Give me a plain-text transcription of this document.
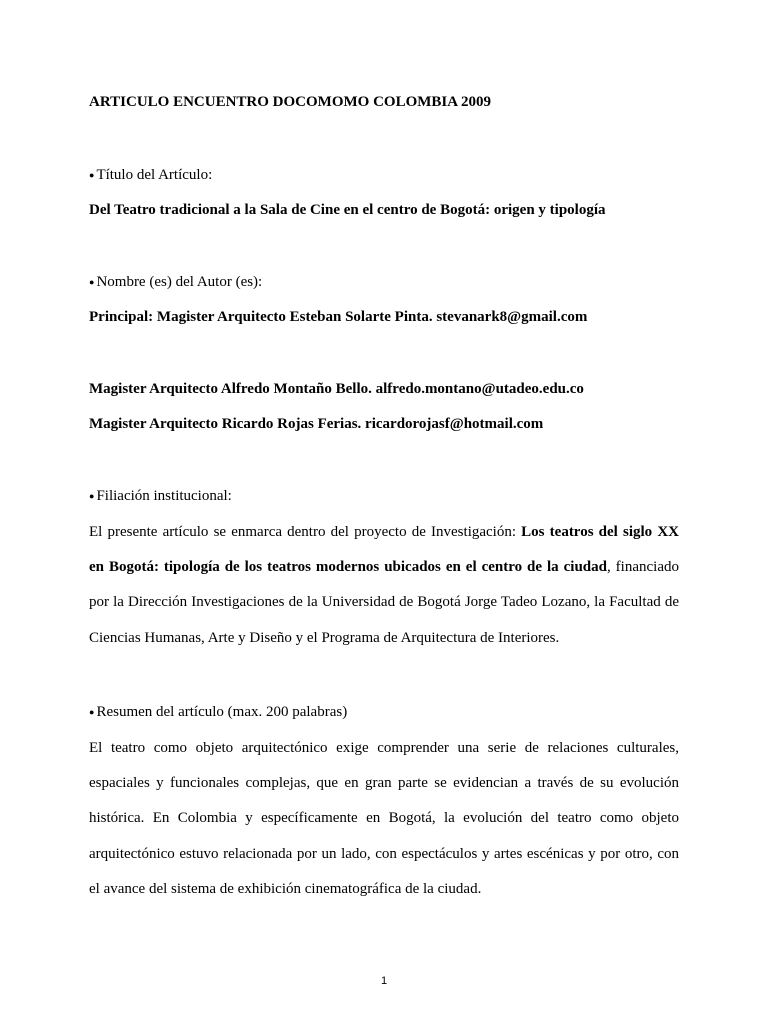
ARTICULO ENCUENTRO DOCOMOMO COLOMBIA 2009
● Título del Artículo:
Del Teatro tradicional a la Sala de Cine en el centro de Bogotá: origen y tipología
● Nombre (es) del Autor (es):
Principal: Magister Arquitecto Esteban Solarte Pinta. stevanark8@gmail.com
Magister Arquitecto Alfredo Montaño Bello. alfredo.montano@utadeo.edu.co
Magister Arquitecto Ricardo Rojas Ferias. ricardorojasf@hotmail.com
● Filiación institucional:
El presente artículo se enmarca dentro del proyecto de Investigación: Los teatros del siglo XX
en Bogotá: tipología de los teatros modernos ubicados en el centro de la ciudad, financiado
por la Dirección Investigaciones de la Universidad de Bogotá Jorge Tadeo Lozano, la Facultad de
Ciencias Humanas, Arte y Diseño y el Programa de Arquitectura de Interiores.
● Resumen del artículo (max. 200 palabras)
El teatro como objeto arquitectónico exige comprender una serie de relaciones culturales,
espaciales y funcionales complejas, que en gran parte se evidencian a través de su evolución
histórica. En Colombia y específicamente en Bogotá, la evolución del teatro como objeto
arquitectónico estuvo relacionada por un lado, con espectáculos y artes escénicas y por otro, con
el avance del sistema de exhibición cinematográfica de la ciudad.
1
